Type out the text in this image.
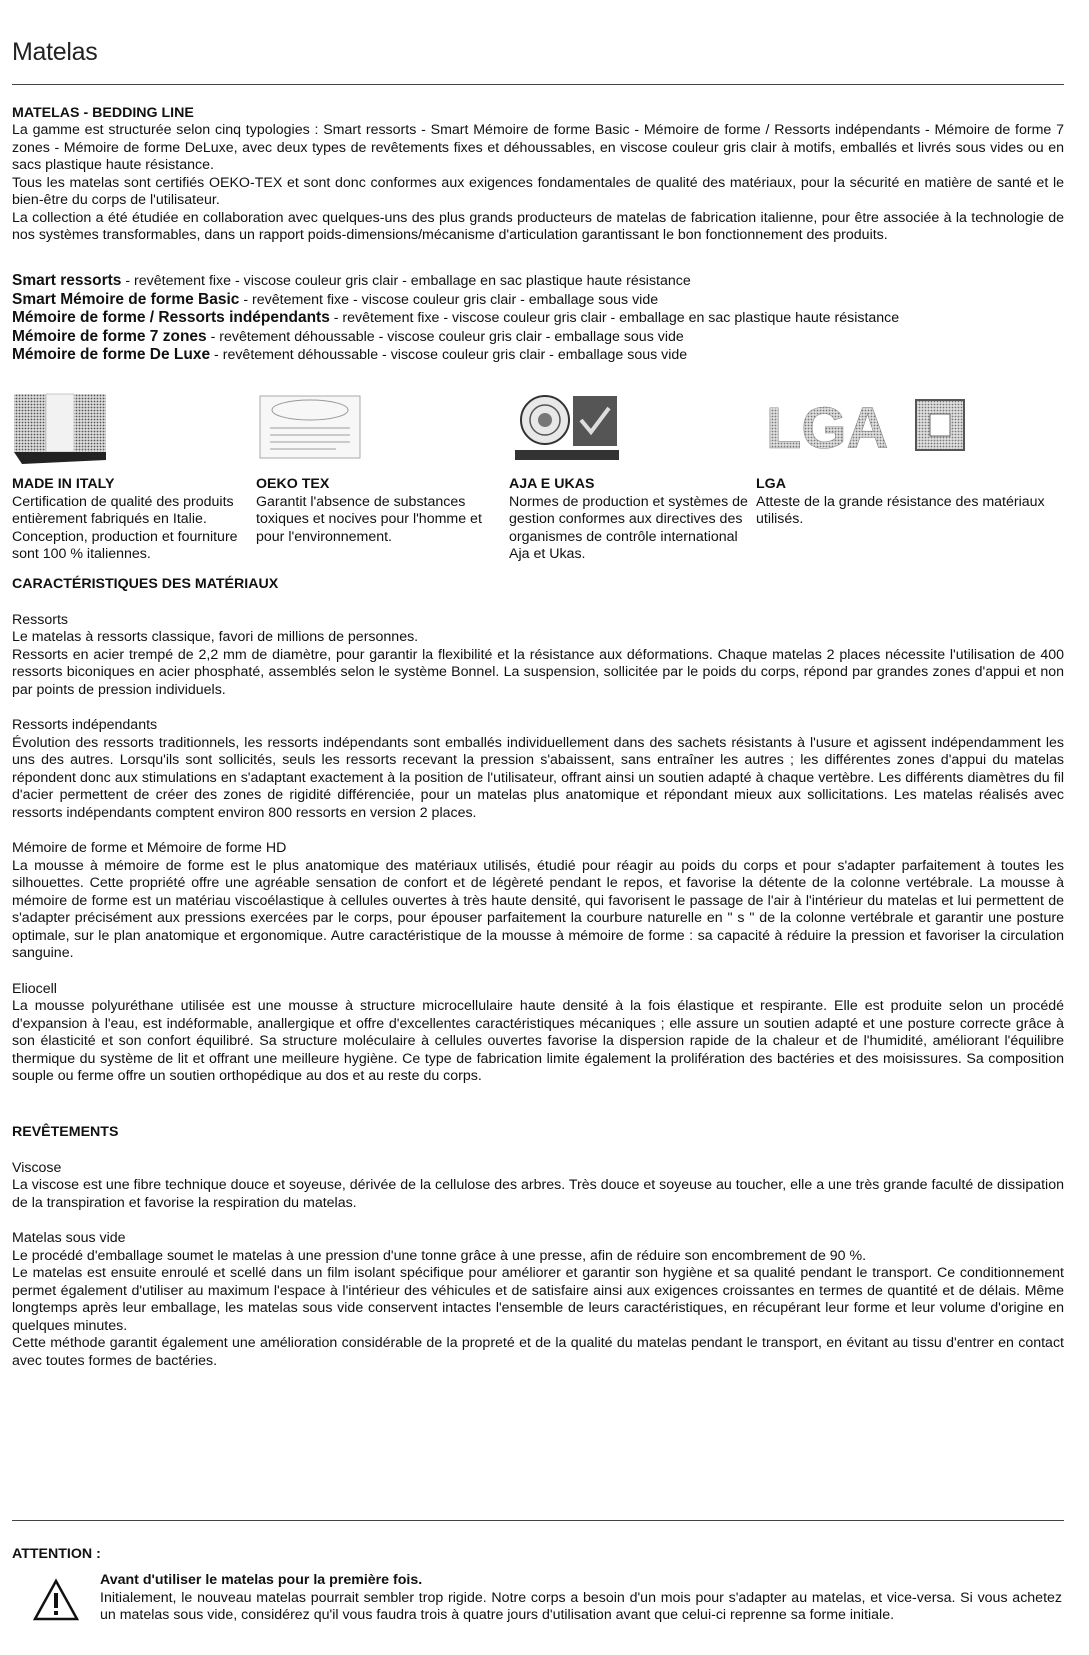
Matelas
MATELAS - BEDDING LINE

La gamme est structurée selon cinq typologies : Smart ressorts - Smart Mémoire de forme Basic - Mémoire de forme / Ressorts indépendants - Mémoire de forme 7 zones - Mémoire de forme DeLuxe, avec deux types de revêtements fixes et déhoussables, en viscose couleur gris clair à motifs, emballés et livrés sous vides ou en sacs plastique haute résistance.

Tous les matelas sont certifiés OEKO-TEX et sont donc conformes aux exigences fondamentales de qualité des matériaux, pour la sécurité en matière de santé et le bien-être du corps de l'utilisateur.

La collection a été étudiée en collaboration avec quelques-uns des plus grands producteurs de matelas de fabrication italienne, pour être associée à la technologie de nos systèmes transformables, dans un rapport poids-dimensions/mécanisme d'articulation garantissant le bon fonctionnement des produits.

Smart ressorts - revêtement fixe - viscose couleur gris clair - emballage en sac plastique haute résistance
Smart Mémoire de forme Basic - revêtement fixe - viscose couleur gris clair - emballage sous vide
Mémoire de forme / Ressorts indépendants - revêtement fixe - viscose couleur gris clair - emballage en sac plastique haute résistance
Mémoire de forme 7 zones - revêtement déhoussable - viscose couleur gris clair - emballage sous vide
Mémoire de forme De Luxe - revêtement déhoussable - viscose couleur gris clair - emballage sous vide
MADE IN ITALY

Certification de qualité des produits entièrement fabriqués en Italie. Conception, production et fourniture sont 100 % italiennes.

OEKO TEX

Garantit l'absence de substances toxiques et nocives pour l'homme et pour l'environnement.

AJA E UKAS

Normes de production et systèmes de gestion conformes aux directives des organismes de contrôle international Aja et Ukas.

LGA
LGA

Atteste de la grande résistance des matériaux utilisés.

CARACTÉRISTIQUES DES MATÉRIAUX
Ressorts

Le matelas à ressorts classique, favori de millions de personnes.

Ressorts en acier trempé de 2,2 mm de diamètre, pour garantir la flexibilité et la résistance aux déformations. Chaque matelas 2 places nécessite l'utilisation de 400 ressorts biconiques en acier phosphaté, assemblés selon le système Bonnel. La suspension, sollicitée par le poids du corps, répond par grandes zones d'appui et non par points de pression individuels.

Ressorts indépendants

Évolution des ressorts traditionnels, les ressorts indépendants sont emballés individuellement dans des sachets résistants à l'usure et agissent indépendamment les uns des autres. Lorsqu'ils sont sollicités, seuls les ressorts recevant la pression s'abaissent, sans entraîner les autres ; les différentes zones d'appui du matelas répondent donc aux stimulations en s'adaptant exactement à la position de l'utilisateur, offrant ainsi un soutien adapté à chaque vertèbre. Les différents diamètres du fil d'acier permettent de créer des zones de rigidité différenciée, pour un matelas plus anatomique et répondant mieux aux sollicitations. Les matelas réalisés avec ressorts indépendants comptent environ 800 ressorts en version 2 places.

Mémoire de forme et Mémoire de forme HD

La mousse à mémoire de forme est le plus anatomique des matériaux utilisés, étudié pour réagir au poids du corps et pour s'adapter parfaitement à toutes les silhouettes. Cette propriété offre une agréable sensation de confort et de légèreté pendant le repos, et favorise la détente de la colonne vertébrale. La mousse à mémoire de forme est un matériau viscoélastique à cellules ouvertes à très haute densité, qui favorisent le passage de l'air à l'intérieur du matelas et lui permettent de s'adapter précisément aux pressions exercées par le corps, pour épouser parfaitement la courbure naturelle en " s " de la colonne vertébrale et garantir une posture optimale, sur le plan anatomique et ergonomique. Autre caractéristique de la mousse à mémoire de forme : sa capacité à réduire la pression et favoriser la circulation sanguine.

Eliocell

La mousse polyuréthane utilisée est une mousse à structure microcellulaire haute densité à la fois élastique et respirante. Elle est produite selon un procédé d'expansion à l'eau, est indéformable, anallergique et offre d'excellentes caractéristiques mécaniques ; elle assure un soutien adapté et une posture correcte grâce à son élasticité et son confort équilibré. Sa structure moléculaire à cellules ouvertes favorise la dispersion rapide de la chaleur et de l'humidité, améliorant l'équilibre thermique du système de lit et offrant une meilleure hygiène. Ce type de fabrication limite également la prolifération des bactéries et des moisissures. Sa composition souple ou ferme offre un soutien orthopédique au dos et au reste du corps.

REVÊTEMENTS
Viscose

La viscose est une fibre technique douce et soyeuse, dérivée de la cellulose des arbres. Très douce et soyeuse au toucher, elle a une très grande faculté de dissipation de la transpiration et favorise la respiration du matelas.

Matelas sous vide

Le procédé d'emballage soumet le matelas à une pression d'une tonne grâce à une presse, afin de réduire son encombrement de 90 %.

Le matelas est ensuite enroulé et scellé dans un film isolant spécifique pour améliorer et garantir son hygiène et sa qualité pendant le transport. Ce conditionnement permet également d'utiliser au maximum l'espace à l'intérieur des véhicules et de satisfaire ainsi aux exigences croissantes en termes de quantité et de délais. Même longtemps après leur emballage, les matelas sous vide conservent intactes l'ensemble de leurs caractéristiques, en récupérant leur forme et leur volume d'origine en quelques minutes.

Cette méthode garantit également une amélioration considérable de la propreté et de la qualité du matelas pendant le transport, en évitant au tissu d'entrer en contact avec toutes formes de bactéries.

ATTENTION :
Avant d'utiliser le matelas pour la première fois.

Initialement, le nouveau matelas pourrait sembler trop rigide. Notre corps a besoin d'un mois pour s'adapter au matelas, et vice-versa. Si vous achetez un matelas sous vide, considérez qu'il vous faudra trois à quatre jours d'utilisation avant que celui-ci reprenne sa forme initiale.
